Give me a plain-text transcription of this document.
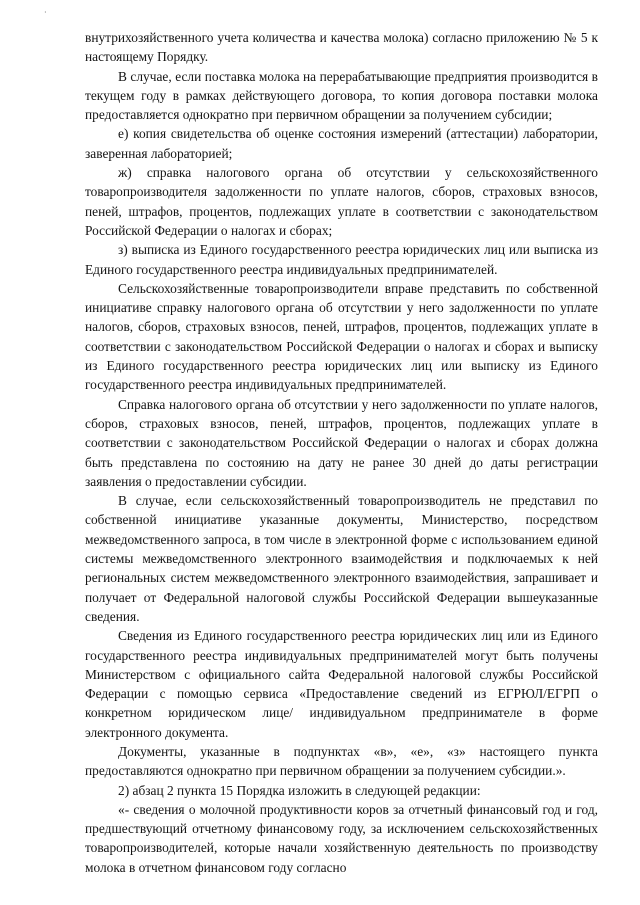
·

внутрихозяйственного учета количества и качества молока) согласно приложению № 5 к настоящему Порядку.

В случае, если поставка молока на перерабатывающие предприятия производится в текущем году в рамках действующего договора, то копия договора поставки молока предоставляется однократно при первичном обращении за получением субсидии;

е) копия свидетельства об оценке состояния измерений (аттестации) лаборатории, заверенная лабораторией;

ж) справка налогового органа об отсутствии у сельскохозяйственного товаропроизводителя задолженности по уплате налогов, сборов, страховых взносов, пеней, штрафов, процентов, подлежащих уплате в соответствии с законодательством Российской Федерации о налогах и сборах;

з) выписка из Единого государственного реестра юридических лиц или выписка из Единого государственного реестра индивидуальных предпринимателей.

Сельскохозяйственные товаропроизводители вправе представить по собственной инициативе справку налогового органа об отсутствии у него задолженности по уплате налогов, сборов, страховых взносов, пеней, штрафов, процентов, подлежащих уплате в соответствии с законодательством Российской Федерации о налогах и сборах и выписку из Единого государственного реестра юридических лиц или выписку из Единого государственного реестра индивидуальных предпринимателей.

Справка налогового органа об отсутствии у него задолженности по уплате налогов, сборов, страховых взносов, пеней, штрафов, процентов, подлежащих уплате в соответствии с законодательством Российской Федерации о налогах и сборах должна быть представлена по состоянию на дату не ранее 30 дней до даты регистрации заявления о предоставлении субсидии.

В случае, если сельскохозяйственный товаропроизводитель не представил по собственной инициативе указанные документы, Министерство, посредством межведомственного запроса, в том числе в электронной форме с использованием единой системы межведомственного электронного взаимодействия и подключаемых к ней региональных систем межведомственного электронного взаимодействия, запрашивает и получает от Федеральной налоговой службы Российской Федерации вышеуказанные сведения.

Сведения из Единого государственного реестра юридических лиц или из Единого государственного реестра индивидуальных предпринимателей могут быть получены Министерством с официального сайта Федеральной налоговой службы Российской Федерации с помощью сервиса «Предоставление сведений из ЕГРЮЛ/ЕГРП о конкретном юридическом лице/ индивидуальном предпринимателе в форме электронного документа.

Документы, указанные в подпунктах «в», «е», «з» настоящего пункта предоставляются однократно при первичном обращении за получением субсидии.».

2) абзац 2 пункта 15 Порядка изложить в следующей редакции:

«- сведения о молочной продуктивности коров за отчетный финансовый год и год, предшествующий отчетному финансовому году, за исключением сельскохозяйственных товаропроизводителей, которые начали хозяйственную деятельность по производству молока в отчетном финансовом году согласно
